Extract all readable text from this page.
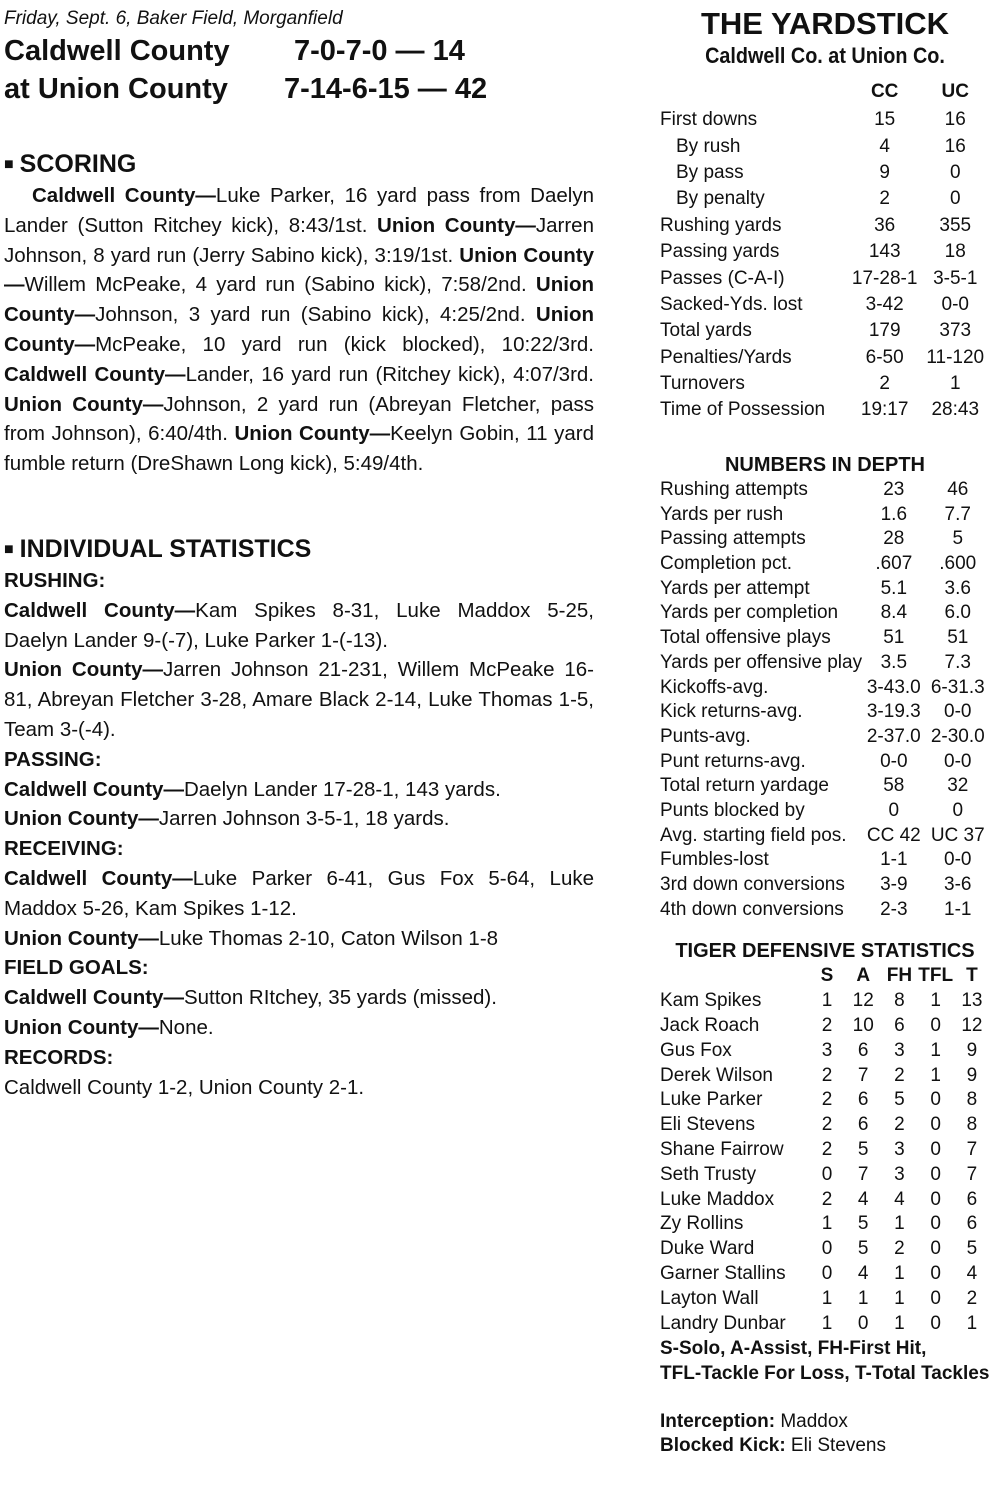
Friday, Sept. 6, Baker Field, Morganfield

Caldwell County	7-0-7-0 — 14
at Union County	7-14-6-15 — 42

■ SCORING

Caldwell County—Luke Parker, 16 yard pass from Daelyn Lander (Sutton Ritchey kick), 8:43/1st. Union County—Jarren Johnson, 8 yard run (Jerry Sabino kick), 3:19/1st. Union County—Willem McPeake, 4 yard run (Sabino kick), 7:58/2nd. Union County—Johnson, 3 yard run (Sabino kick), 4:25/2nd. Union County—McPeake, 10 yard run (kick blocked), 10:22/3rd. Caldwell County—Lander, 16 yard run (Ritchey kick), 4:07/3rd. Union County—Johnson, 2 yard run (Abreyan Fletcher, pass from Johnson), 6:40/4th. Union County—Keelyn Gobin, 11 yard fumble return (DreShawn Long kick), 5:49/4th.

■ INDIVIDUAL STATISTICS

RUSHING:

Caldwell County—Kam Spikes 8-31, Luke Maddox 5-25, Daelyn Lander 9-(-7), Luke Parker 1-(-13).

Union County—Jarren Johnson 21-231, Willem McPeake 16-81, Abreyan Fletcher 3-28, Amare Black 2-14, Luke Thomas 1-5, Team 3-(-4).

PASSING:

Caldwell County—Daelyn Lander 17-28-1, 143 yards.

Union County—Jarren Johnson 3-5-1, 18 yards.

RECEIVING:

Caldwell County—Luke Parker 6-41, Gus Fox 5-64, Luke Maddox 5-26, Kam Spikes 1-12.

Union County—Luke Thomas 2-10, Caton Wilson 1-8

FIELD GOALS:

Caldwell County—Sutton RItchey, 35 yards (missed).

Union County—None.

RECORDS:

Caldwell County 1-2, Union County 2-1.

THE YARDSTICK

Caldwell Co. at Union Co.

	CC	UC
First downs	15	16
By rush	4	16
By pass	9	0
By penalty	2	0
Rushing yards	36	355
Passing yards	143	18
Passes (C-A-I)	17-28-1	3-5-1
Sacked-Yds. lost	3-42	0-0
Total yards	179	373
Penalties/Yards	6-50	11-120
Turnovers	2	1
Time of Possession	19:17	28:43

NUMBERS IN DEPTH

Rushing attempts	23	46
Yards per rush	1.6	7.7
Passing attempts	28	5
Completion pct.	.607	.600
Yards per attempt	5.1	3.6
Yards per completion	8.4	6.0
Total offensive plays	51	51
Yards per offensive play	3.5	7.3
Kickoffs-avg.	3-43.0	6-31.3
Kick returns-avg.	3-19.3	0-0
Punts-avg.	2-37.0	2-30.0
Punt returns-avg.	0-0	0-0
Total return yardage	58	32
Punts blocked by	0	0
Avg. starting field pos.	CC 42	UC 37
Fumbles-lost	1-1	0-0
3rd down conversions	3-9	3-6
4th down conversions	2-3	1-1

TIGER DEFENSIVE STATISTICS

	S	A	FH	TFL	T
Kam Spikes	1	12	8	1	13
Jack Roach	2	10	6	0	12
Gus Fox	3	6	3	1	9
Derek Wilson	2	7	2	1	9
Luke Parker	2	6	5	0	8
Eli Stevens	2	6	2	0	8
Shane Fairrow	2	5	3	0	7
Seth Trusty	0	7	3	0	7
Luke Maddox	2	4	4	0	6
Zy Rollins	1	5	1	0	6
Duke Ward	0	5	2	0	5
Garner Stallins	0	4	1	0	4
Layton Wall	1	1	1	0	2
Landry Dunbar	1	0	1	0	1

S-Solo, A-Assist, FH-First Hit,

TFL-Tackle For Loss, T-Total Tackles

Interception: Maddox

Blocked Kick: Eli Stevens
